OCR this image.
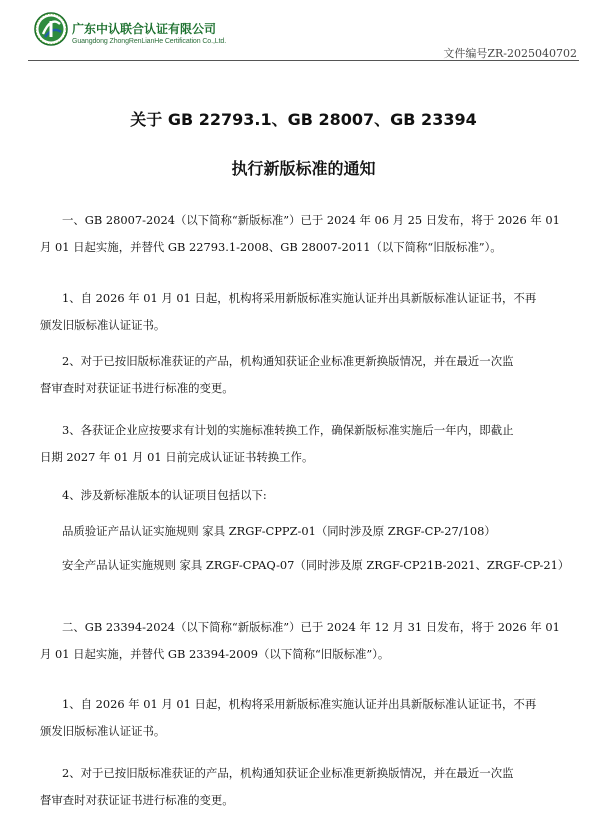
广东中认联合认证有限公司
Guangdong ZhongRenLianHe Certification Co.,Ltd.
文件编号ZR-2025040702
关于 GB 22793.1、GB 28007、GB 23394
执行新版标准的通知
一、GB 28007-2024（以下简称“新版标准”）已于 2024 年 06 月 25 日发布，将于 2026 年 01
月 01 日起实施，并替代 GB 22793.1-2008、GB 28007-2011（以下简称“旧版标准”）。
1、自 2026 年 01 月 01 日起，机构将采用新版标准实施认证并出具新版标准认证证书，不再
颁发旧版标准认证证书。
2、对于已按旧版标准获证的产品，机构通知获证企业标准更新换版情况，并在最近一次监
督审查时对获证证书进行标准的变更。
3、各获证企业应按要求有计划的实施标准转换工作，确保新版标准实施后一年内，即截止
日期 2027 年 01 月 01 日前完成认证证书转换工作。
4、涉及新标准版本的认证项目包括以下:
品质验证产品认证实施规则 家具 ZRGF-CPPZ-01（同时涉及原 ZRGF-CP-27/108）
安全产品认证实施规则 家具 ZRGF-CPAQ-07（同时涉及原 ZRGF-CP21B-2021、ZRGF-CP-21）
二、GB 23394-2024（以下简称“新版标准”）已于 2024 年 12 月 31 日发布，将于 2026 年 01
月 01 日起实施，并替代 GB 23394-2009（以下简称“旧版标准”）。
1、自 2026 年 01 月 01 日起，机构将采用新版标准实施认证并出具新版标准认证证书，不再
颁发旧版标准认证证书。
2、对于已按旧版标准获证的产品，机构通知获证企业标准更新换版情况，并在最近一次监
督审查时对获证证书进行标准的变更。
